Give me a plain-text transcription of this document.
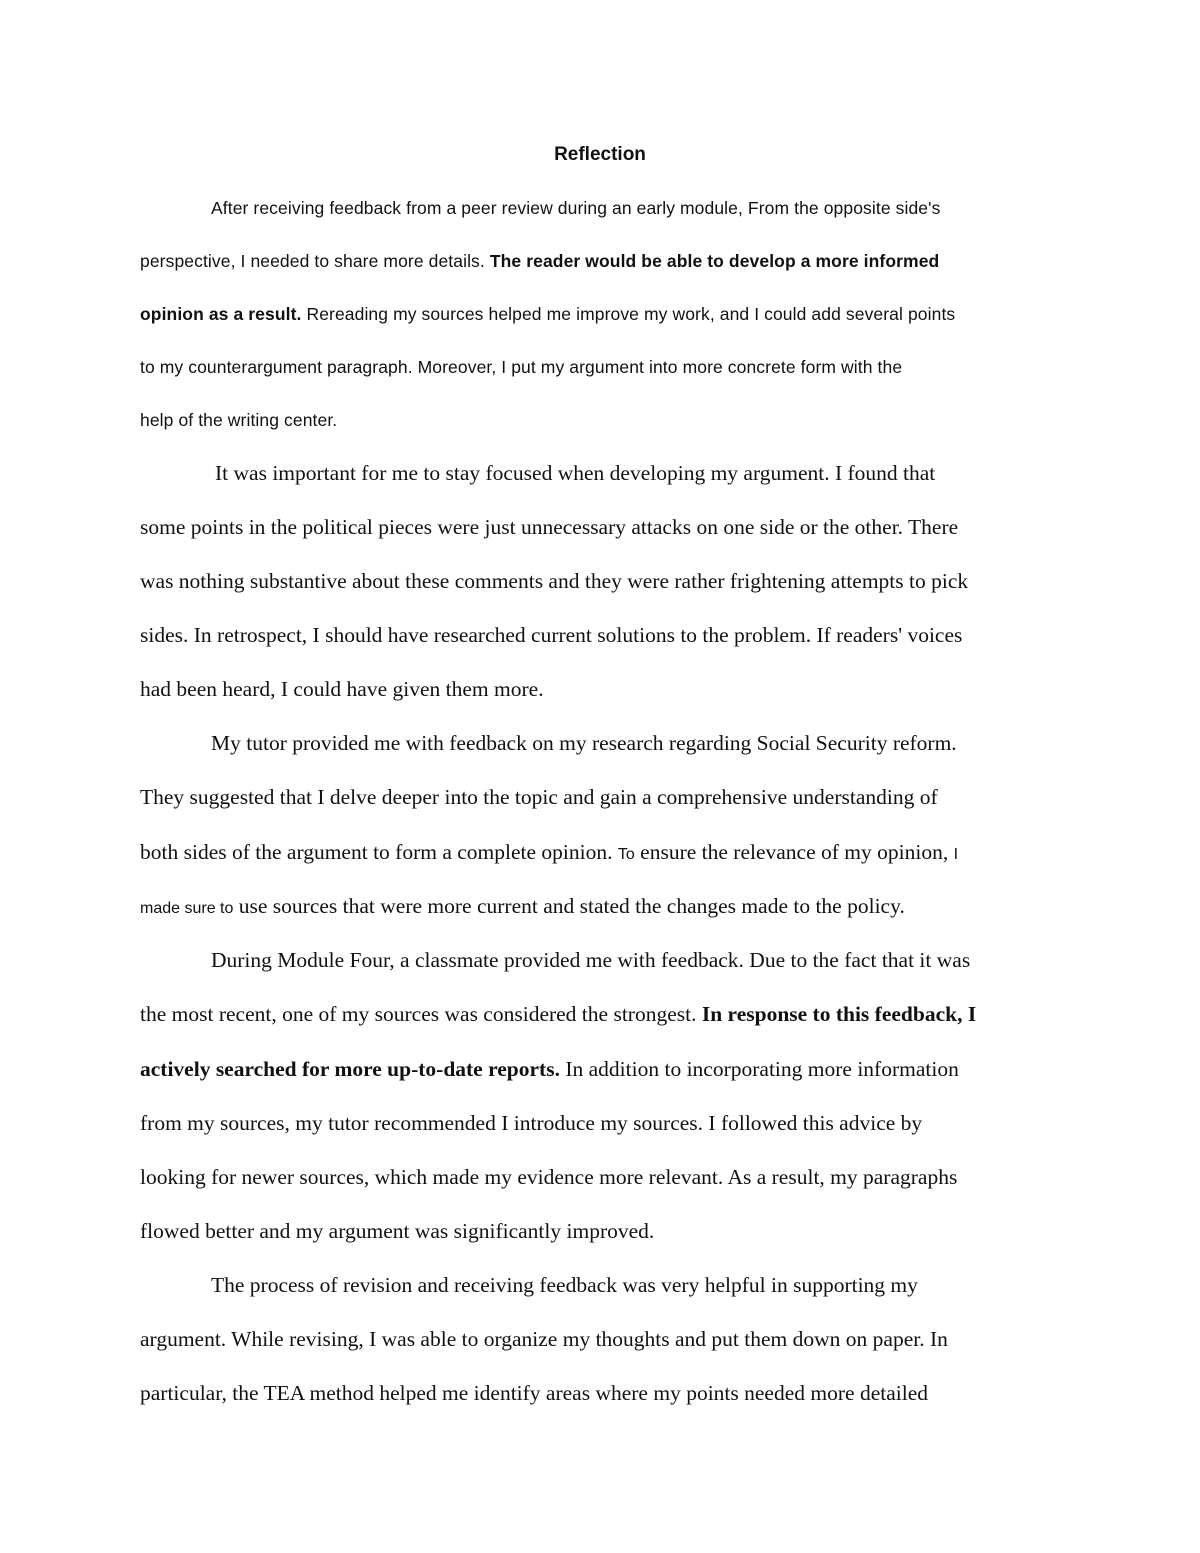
Reflection
After receiving feedback from a peer review during an early module, From the opposite side's
perspective, I needed to share more details. The reader would be able to develop a more informed
opinion as a result. Rereading my sources helped me improve my work, and I could add several points
to my counterargument paragraph. Moreover, I put my argument into more concrete form with the
help of the writing center.
It was important for me to stay focused when developing my argument. I found that
some points in the political pieces were just unnecessary attacks on one side or the other. There
was nothing substantive about these comments and they were rather frightening attempts to pick
sides. In retrospect, I should have researched current solutions to the problem. If readers' voices
had been heard, I could have given them more.
My tutor provided me with feedback on my research regarding Social Security reform.
They suggested that I delve deeper into the topic and gain a comprehensive understanding of
both sides of the argument to form a complete opinion. To ensure the relevance of my opinion, I
made sure to use sources that were more current and stated the changes made to the policy.
During Module Four, a classmate provided me with feedback. Due to the fact that it was
the most recent, one of my sources was considered the strongest. In response to this feedback, I
actively searched for more up-to-date reports. In addition to incorporating more information
from my sources, my tutor recommended I introduce my sources. I followed this advice by
looking for newer sources, which made my evidence more relevant. As a result, my paragraphs
flowed better and my argument was significantly improved.
The process of revision and receiving feedback was very helpful in supporting my
argument. While revising, I was able to organize my thoughts and put them down on paper. In
particular, the TEA method helped me identify areas where my points needed more detailed
